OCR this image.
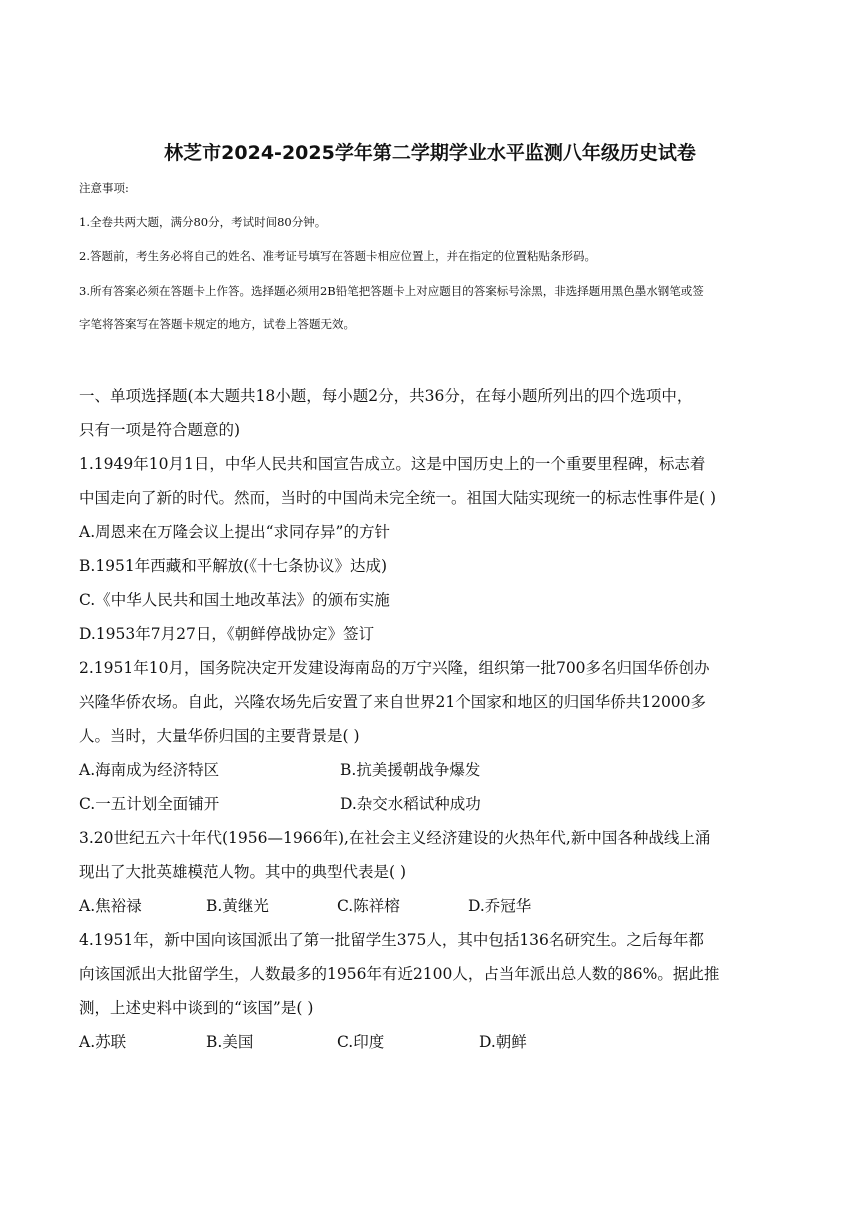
林芝市2024-2025学年第二学期学业水平监测八年级历史试卷
注意事项:
1.全卷共两大题，满分80分，考试时间80分钟。
2.答题前，考生务必将自己的姓名、准考证号填写在答题卡相应位置上，并在指定的位置粘贴条形码。
3.所有答案必须在答题卡上作答。选择题必须用2B铅笔把答题卡上对应题目的答案标号涂黑，非选择题用黑色墨水钢笔或签
字笔将答案写在答题卡规定的地方，试卷上答题无效。
一、单项选择题(本大题共18小题，每小题2分，共36分，在每小题所列出的四个选项中，
只有一项是符合题意的)
1.1949年10月1日，中华人民共和国宣告成立。这是中国历史上的一个重要里程碑，标志着
中国走向了新的时代。然而，当时的中国尚未完全统一。祖国大陆实现统一的标志性事件是( )
A.周恩来在万隆会议上提出“求同存异”的方针
B.1951年西藏和平解放(《十七条协议》达成)
C.《中华人民共和国土地改革法》的颁布实施
D.1953年7月27日，《朝鲜停战协定》签订
2.1951年10月，国务院决定开发建设海南岛的万宁兴隆，组织第一批700多名归国华侨创办
兴隆华侨农场。自此，兴隆农场先后安置了来自世界21个国家和地区的归国华侨共12000多
人。当时，大量华侨归国的主要背景是( )
A.海南成为经济特区	B.抗美援朝战争爆发
C.一五计划全面铺开	D.杂交水稻试种成功
3.20世纪五六十年代(1956—1966年),在社会主义经济建设的火热年代,新中国各种战线上涌
现出了大批英雄模范人物。其中的典型代表是( )
A.焦裕禄	B.黄继光	C.陈祥榕	D.乔冠华
4.1951年，新中国向该国派出了第一批留学生375人，其中包括136名研究生。之后每年都
向该国派出大批留学生，人数最多的1956年有近2100人，占当年派出总人数的86%。据此推
测，上述史料中谈到的“该国”是( )
A.苏联	B.美国	C.印度	D.朝鲜
